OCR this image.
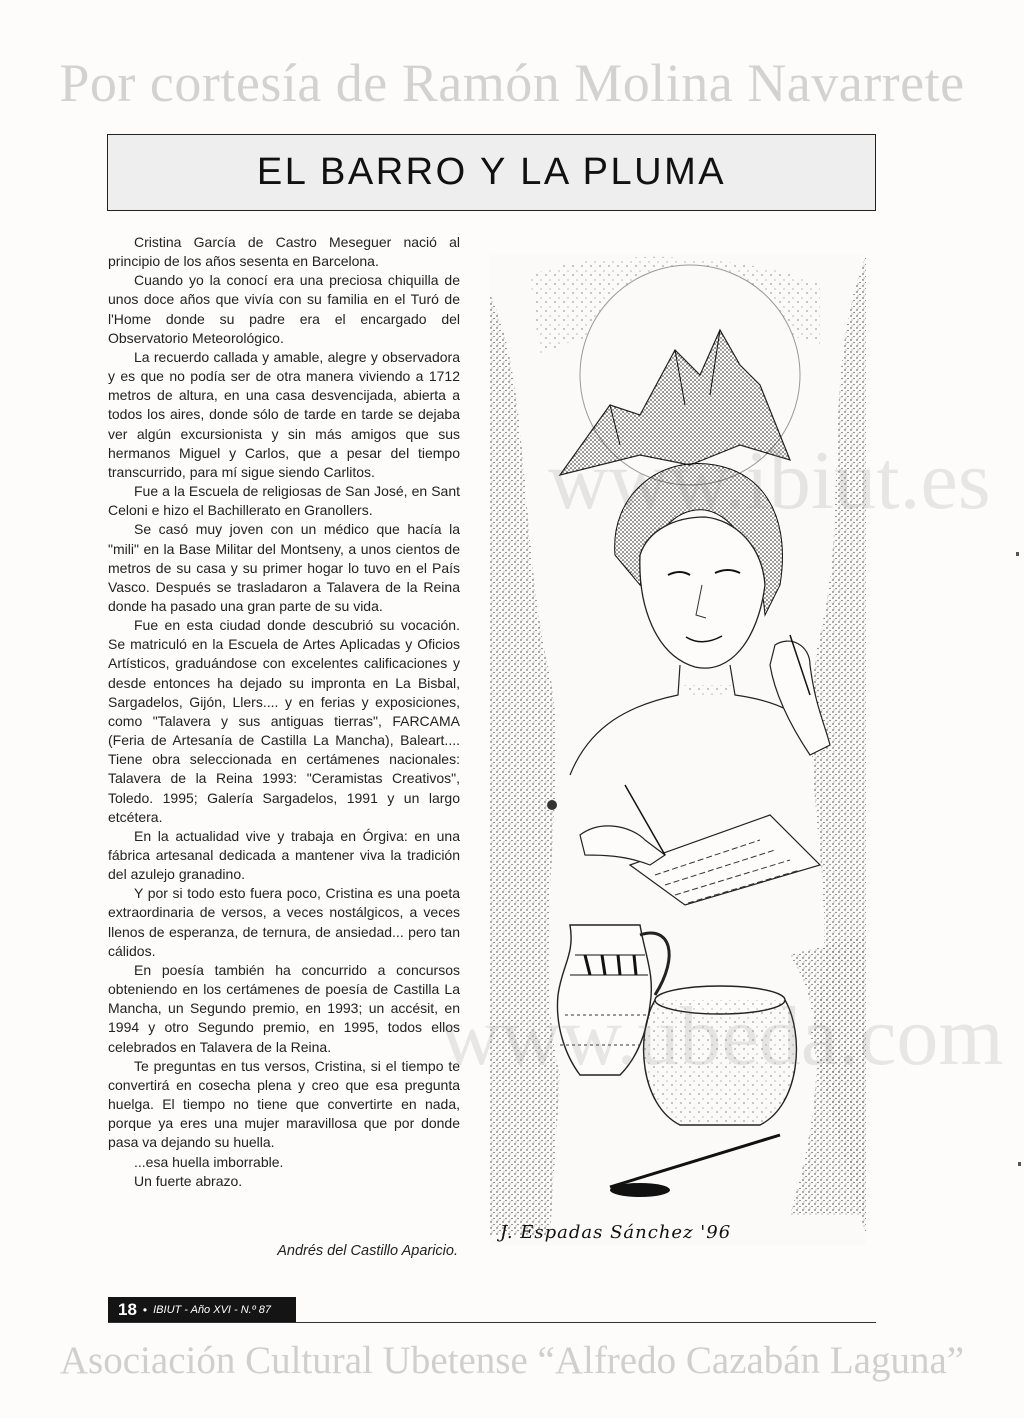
Por cortesía de Ramón Molina Navarrete
EL BARRO Y LA PLUMA

Cristina García de Castro Meseguer nació al principio de los años sesenta en Barcelona.

Cuando yo la conocí era una preciosa chiquilla de unos doce años que vivía con su familia en el Turó de l'Home donde su padre era el encargado del Observatorio Meteorológico.

La recuerdo callada y amable, alegre y observadora y es que no podía ser de otra manera viviendo a 1712 metros de altura, en una casa desvencijada, abierta a todos los aires, donde sólo de tarde en tarde se dejaba ver algún excursionista y sin más amigos que sus hermanos Miguel y Carlos, que a pesar del tiempo transcurrido, para mí sigue siendo Carlitos.

Fue a la Escuela de religiosas de San José, en Sant Celoni e hizo el Bachillerato en Granollers.

Se casó muy joven con un médico que hacía la "mili" en la Base Militar del Montseny, a unos cientos de metros de su casa y su primer hogar lo tuvo en el País Vasco. Después se trasladaron a Talavera de la Reina donde ha pasado una gran parte de su vida.

Fue en esta ciudad donde descubrió su vocación. Se matriculó en la Escuela de Artes Aplicadas y Oficios Artísticos, graduándose con excelentes calificaciones y desde entonces ha dejado su impronta en La Bisbal, Sargadelos, Gijón, Llers.... y en ferias y exposiciones, como "Talavera y sus antiguas tierras", FARCAMA (Feria de Artesanía de Castilla La Mancha), Baleart.... Tiene obra seleccionada en certámenes nacionales: Talavera de la Reina 1993: "Ceramistas Creativos", Toledo. 1995; Galería Sargadelos, 1991 y un largo etcétera.

En la actualidad vive y trabaja en Órgiva: en una fábrica artesanal dedicada a mantener viva la tradición del azulejo granadino.

Y por si todo esto fuera poco, Cristina es una poeta extraordinaria de versos, a veces nostálgicos, a veces llenos de esperanza, de ternura, de ansiedad... pero tan cálidos.

En poesía también ha concurrido a concursos obteniendo en los certámenes de poesía de Castilla La Mancha, un Segundo premio, en 1993; un accésit, en 1994 y otro Segundo premio, en 1995, todos ellos celebrados en Talavera de la Reina.

Te preguntas en tus versos, Cristina, si el tiempo te convertirá en cosecha plena y creo que esa pregunta huelga. El tiempo no tiene que convertirte en nada, porque ya eres una mujer maravillosa que por donde pasa va dejando su huella.

...esa huella imborrable.

Un fuerte abrazo.

Andrés del Castillo Aparicio.
J. Espadas Sánchez '96
www.ibiut.es
www.ubeda.com
18 • IBIUT - Año XVI - N.º 87
Asociación Cultural Ubetense “Alfredo Cazabán Laguna”
